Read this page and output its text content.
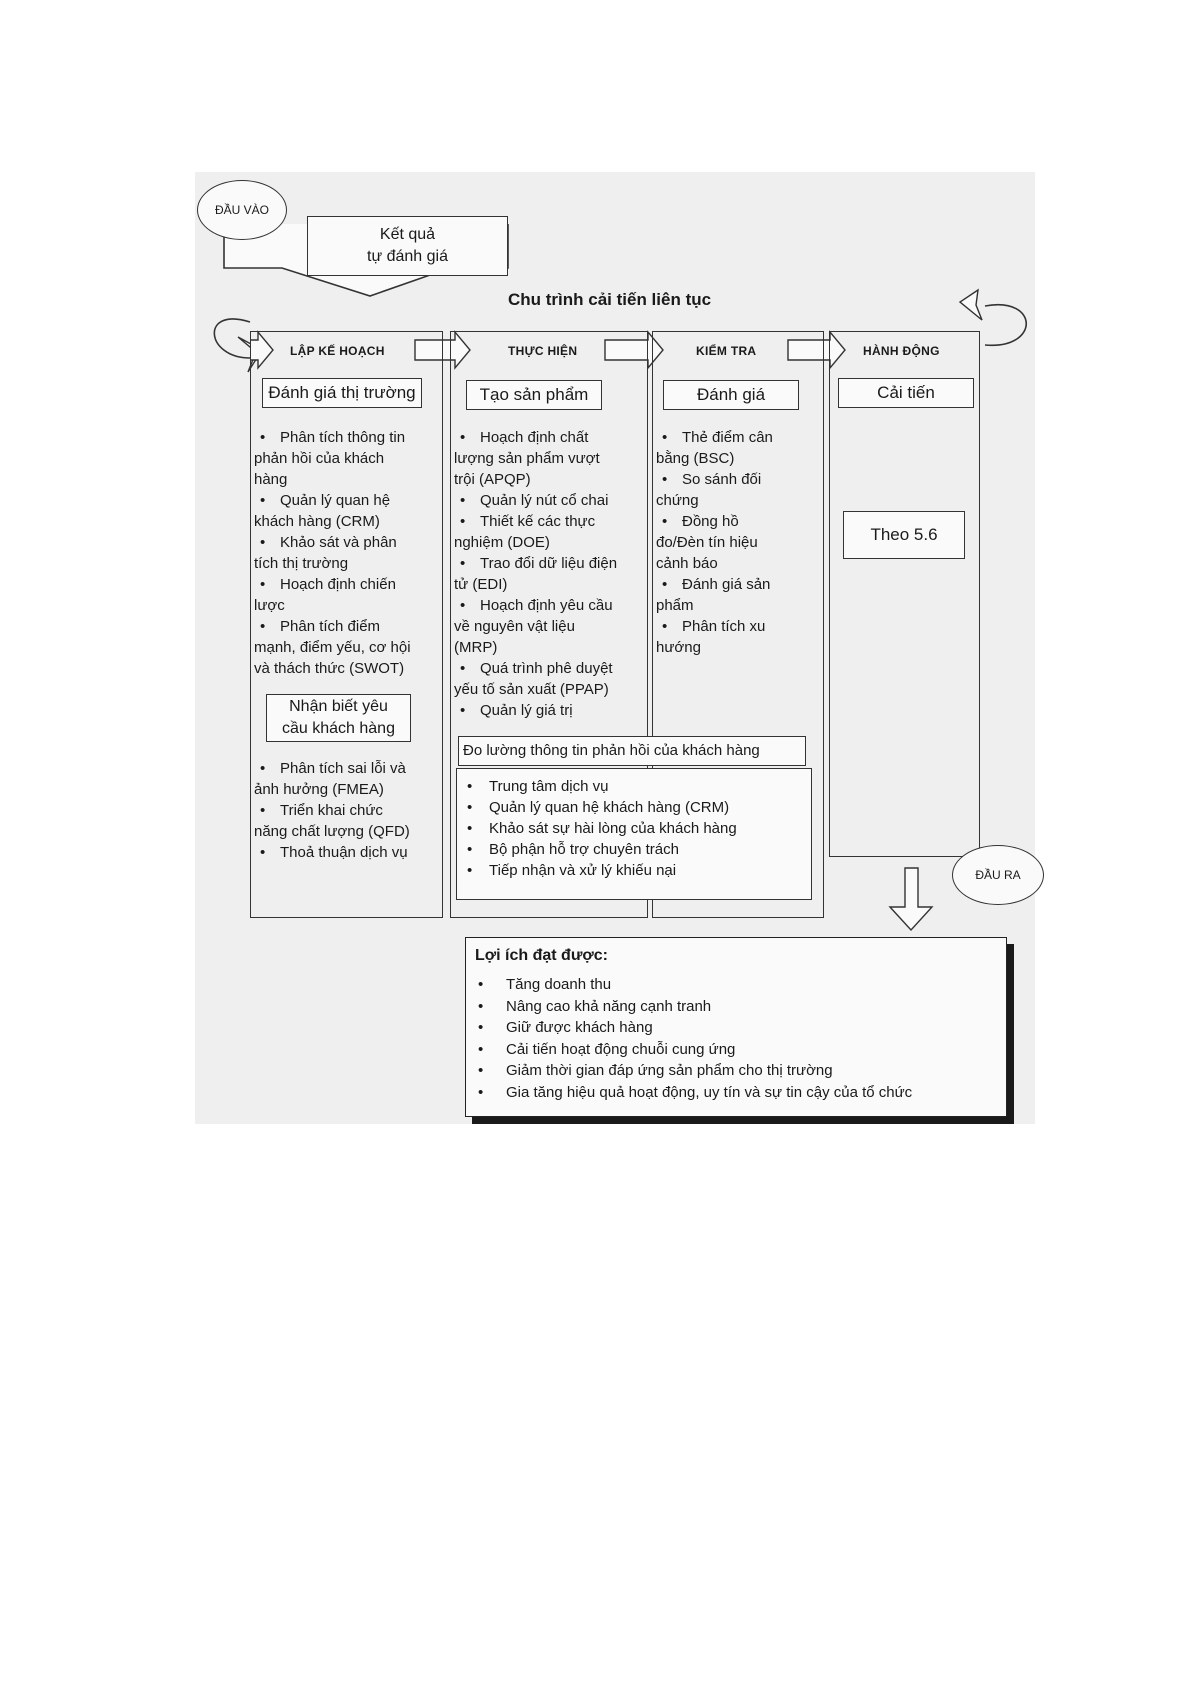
ĐẦU VÀO
Kết quả
tự đánh giá
Chu trình cải tiến liên tục
LẬP KẾ HOẠCH	THỰC HIỆN	KIỂM TRA	HÀNH ĐỘNG
Đánh giá thị trường	Tạo sản phẩm	Đánh giá	Cải tiến
Theo 5.6
Nhận biết yêu
cầu khách hàng
• Phân tích thông tin
phản hồi của khách
hàng
• Quản lý quan hệ
khách hàng (CRM)
• Khảo sát và phân
tích thị trường
• Hoạch định chiến
lược
• Phân tích điểm
mạnh, điểm yếu, cơ hội
và thách thức (SWOT)
• Phân tích sai lỗi và
ảnh hưởng (FMEA)
• Triển khai chức
năng chất lượng (QFD)
• Thoả thuận dịch vụ
• Hoạch định chất
lượng sản phẩm vượt
trội (APQP)
• Quản lý nút cổ chai
• Thiết kế các thực
nghiệm (DOE)
• Trao đổi dữ liệu điện
tử (EDI)
• Hoạch định yêu cầu
về nguyên vật liệu
(MRP)
• Quá trình phê duyệt
yếu tố sản xuất (PPAP)
• Quản lý giá trị
• Thẻ điểm cân
bằng (BSC)
• So sánh đối
chứng
• Đồng hồ
đo/Đèn tín hiệu
cảnh báo
• Đánh giá sản
phẩm
• Phân tích xu
hướng
Đo lường thông tin phản hồi của khách hàng
• Trung tâm dịch vụ
• Quản lý quan hệ khách hàng (CRM)
• Khảo sát sự hài lòng của khách hàng
• Bộ phận hỗ trợ chuyên trách
• Tiếp nhận và xử lý khiếu nại	ĐẦU RA
Lợi ích đạt được:
• Tăng doanh thu
• Nâng cao khả năng cạnh tranh
• Giữ được khách hàng
• Cải tiến hoạt động chuỗi cung ứng
• Giảm thời gian đáp ứng sản phẩm cho thị trường
• Gia tăng hiệu quả hoạt động, uy tín và sự tin cậy của tổ chức
